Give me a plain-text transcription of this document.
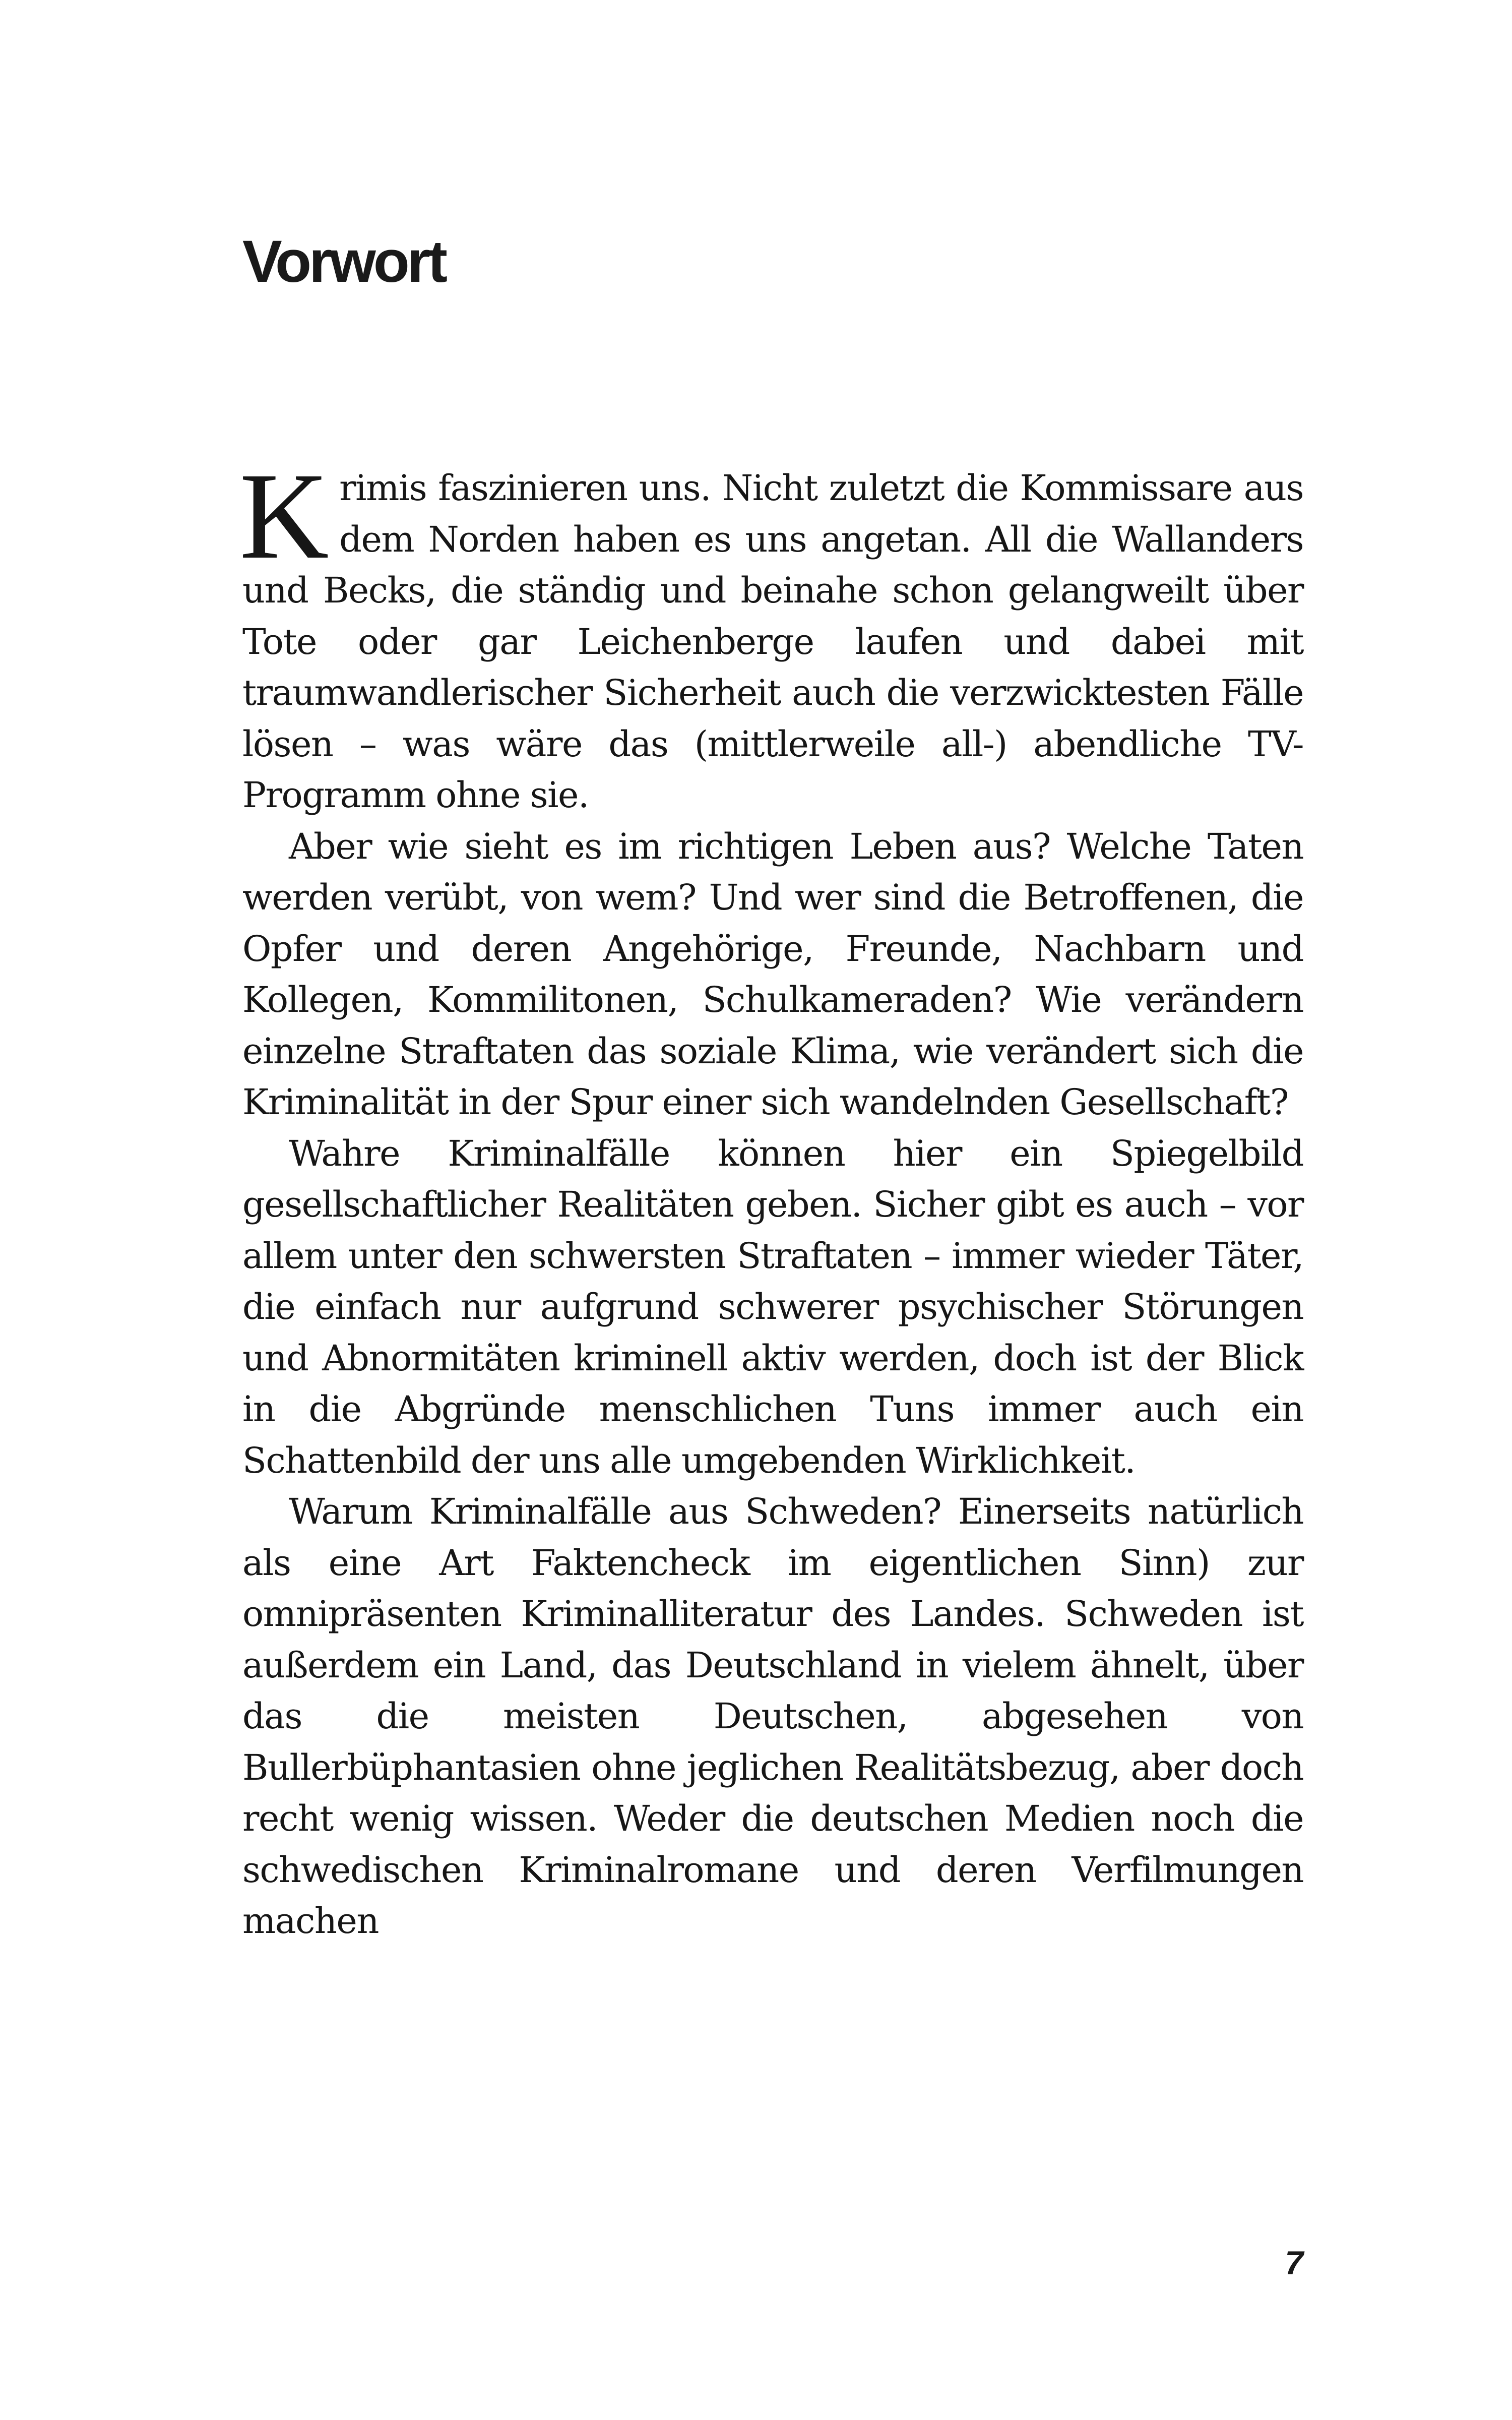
Vorwort

Krimis faszinieren uns. Nicht zuletzt die Kommissare aus dem Norden haben es uns angetan. All die Wallanders und Becks, die ständig und beinahe schon gelangweilt über Tote oder gar Leichenberge laufen und dabei mit traumwandlerischer Sicherheit auch die verzwicktesten Fälle lösen – was wäre das (mittlerweile all-) abendliche TV-Programm ohne sie.

Aber wie sieht es im richtigen Leben aus? Welche Taten werden verübt, von wem? Und wer sind die Betroffenen, die Opfer und deren Angehörige, Freunde, Nachbarn und Kollegen, Kommilitonen, Schulkameraden? Wie verändern einzelne Straftaten das soziale Klima, wie verändert sich die Kriminalität in der Spur einer sich wandelnden Gesellschaft?

Wahre Kriminalfälle können hier ein Spiegelbild gesellschaftlicher Realitäten geben. Sicher gibt es auch – vor allem unter den schwersten Straftaten – immer wieder Täter, die einfach nur aufgrund schwerer psychischer Störungen und Abnormitäten kriminell aktiv werden, doch ist der Blick in die Abgründe menschlichen Tuns immer auch ein Schattenbild der uns alle umgebenden Wirklichkeit.

Warum Kriminalfälle aus Schweden? Einerseits natürlich als eine Art Faktencheck im eigentlichen Sinn) zur omnipräsenten Kriminalliteratur des Landes. Schweden ist außerdem ein Land, das Deutschland in vielem ähnelt, über das die meisten Deutschen, abgesehen von Bullerbüphantasien ohne jeglichen Realitätsbezug, aber doch recht wenig wissen. Weder die deutschen Medien noch die schwedischen Kriminalromane und deren Verfilmungen machen

7
